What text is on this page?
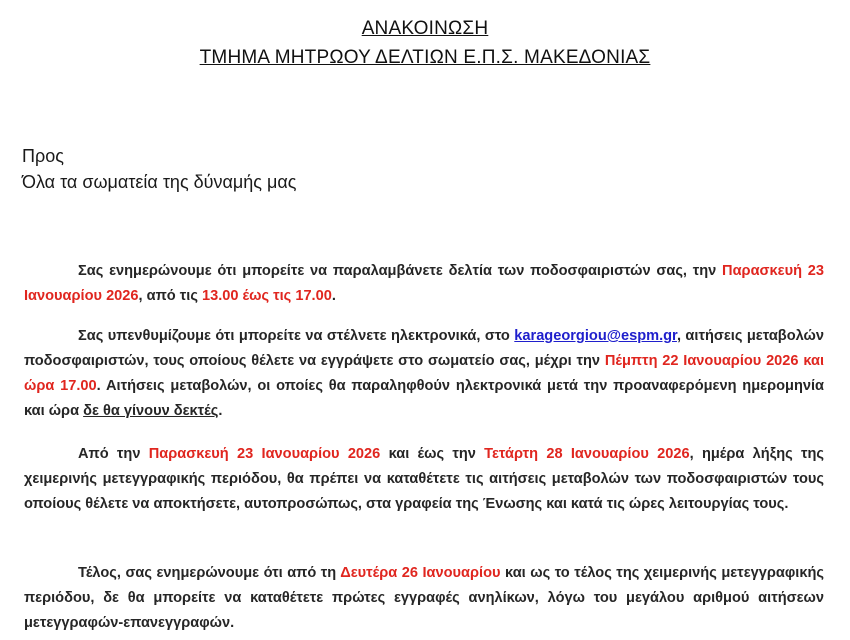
ΑΝΑΚΟΙΝΩΣΗ
ΤΜΗΜΑ ΜΗΤΡΩΟΥ ΔΕΛΤΙΩΝ Ε.Π.Σ. ΜΑΚΕΔΟΝΙΑΣ
Προς
Όλα τα σωματεία της δύναμής μας
Σας ενημερώνουμε ότι μπορείτε να παραλαμβάνετε δελτία των ποδοσφαιριστών σας, την Παρασκευή 23 Ιανουαρίου 2026, από τις 13.00 έως τις 17.00.
Σας υπενθυμίζουμε ότι μπορείτε να στέλνετε ηλεκτρονικά, στο karageorgiou@espm.gr, αιτήσεις μεταβολών ποδοσφαιριστών, τους οποίους θέλετε να εγγράψετε στο σωματείο σας, μέχρι την Πέμπτη 22 Ιανουαρίου 2026 και ώρα 17.00. Αιτήσεις μεταβολών, οι οποίες θα παραληφθούν ηλεκτρονικά μετά την προαναφερόμενη ημερομηνία και ώρα δε θα γίνουν δεκτές.
Από την Παρασκευή 23 Ιανουαρίου 2026 και έως την Τετάρτη 28 Ιανουαρίου 2026, ημέρα λήξης της χειμερινής μετεγγραφικής περιόδου, θα πρέπει να καταθέτετε τις αιτήσεις μεταβολών των ποδοσφαιριστών τους οποίους θέλετε να αποκτήσετε, αυτοπροσώπως, στα γραφεία της Ένωσης και κατά τις ώρες λειτουργίας τους.
Τέλος, σας ενημερώνουμε ότι από τη Δευτέρα 26 Ιανουαρίου και ως το τέλος της χειμερινής μετεγγραφικής περιόδου, δε θα μπορείτε να καταθέτετε πρώτες εγγραφές ανηλίκων, λόγω του μεγάλου αριθμού αιτήσεων μετεγγραφών-επανεγγραφών.
